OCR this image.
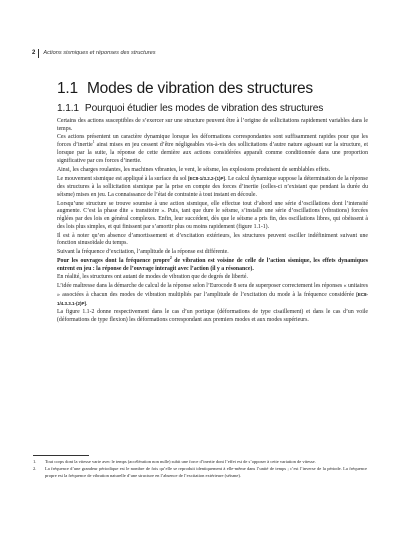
2 Actions sismiques et réponses des structures
1.1 Modes de vibration des structures
1.1.1 Pourquoi étudier les modes de vibration des structures

Certains des actions susceptibles de s’exercer sur une structure peuvent être à l’origine de sollicitations rapidement variables dans le temps.

Ces actions présentent un caractère dynamique lorsque les déformations correspondantes sont suffisamment rapides pour que les forces d’inertie$^1$ ainsi mises en jeu cessent d’être négligeables vis-à-vis des sollicitations d’autre nature agissant sur la structure, et lorsque par la suite, la réponse de cette dernière aux actions considérées apparaît comme conditionnée dans une proportion significative par ces forces d’inertie.

Ainsi, les charges roulantes, les machines vibrantes, le vent, le séisme, les explosions produisent de semblables effets.

Le mouvement sismique est appliqué à la surface du sol [EC8-1/3.2.2-(1)P]. Le calcul dynamique suppose la détermination de la réponse des structures à la sollicitation sismique par la prise en compte des forces d’inertie (celles-ci n’existant que pendant la durée du séisme) mises en jeu. La connaissance de l’état de contrainte à tout instant en découle.

Lorsqu’une structure se trouve soumise à une action sismique, elle effectue tout d’abord une série d’oscillations dont l’intensité augmente. C’est la phase dite « transitoire ». Puis, tant que dure le séisme, s’installe une série d’oscillations (vibrations) forcées réglées par des lois en général complexes. Enfin, leur succédent, dès que le séisme a pris fin, des oscillations libres, qui obéissent à des lois plus simples, et qui finissent par s’amortir plus ou moins rapidement (figure 1.1-1).

Il est à noter qu’en absence d’amortissement et d’excitation extérieurs, les structures peuvent osciller indéfiniment suivant une fonction sinusoïdale du temps.

Suivant la fréquence d’excitation, l’amplitude de la réponse est différente.

Pour les ouvrages dont la fréquence propre$^2$ de vibration est voisine de celle de l’action sismique, les effets dynamiques entrent en jeu : la réponse de l’ouvrage interagit avec l’action (il y a résonance).

En réalité, les structures ont autant de modes de vibration que de degrés de liberté.

L’idée maîtresse dans la démarche de calcul de la réponse selon l’Eurocode 8 sera de superposer correctement les réponses « unitaires » associées à chacun des modes de vibration multipliés par l’amplitude de l’excitation du mode à la fréquence considérée [EC8-1/4.3.3.1-(2)P].

La figure 1.1-2 donne respectivement dans le cas d’un portique (déformations de type cisaillement) et dans le cas d’un voile (déformations de type flexion) les déformations correspondant aux premiers modes et aux modes supérieurs.

1.	Tout corps dont la vitesse varie avec le temps (accélération non nulle) subit une force d’inertie dont l’effet est de s’opposer à cette variation de vitesse.
2.	La fréquence d’une grandeur périodique est le nombre de fois qu’elle se reproduit identiquement à elle-même dans l’unité de temps ; c’est l’inverse de la période. La fréquence propre est la fréquence de vibration naturelle d’une structure en l’absence de l’excitation extérieure (séisme).
